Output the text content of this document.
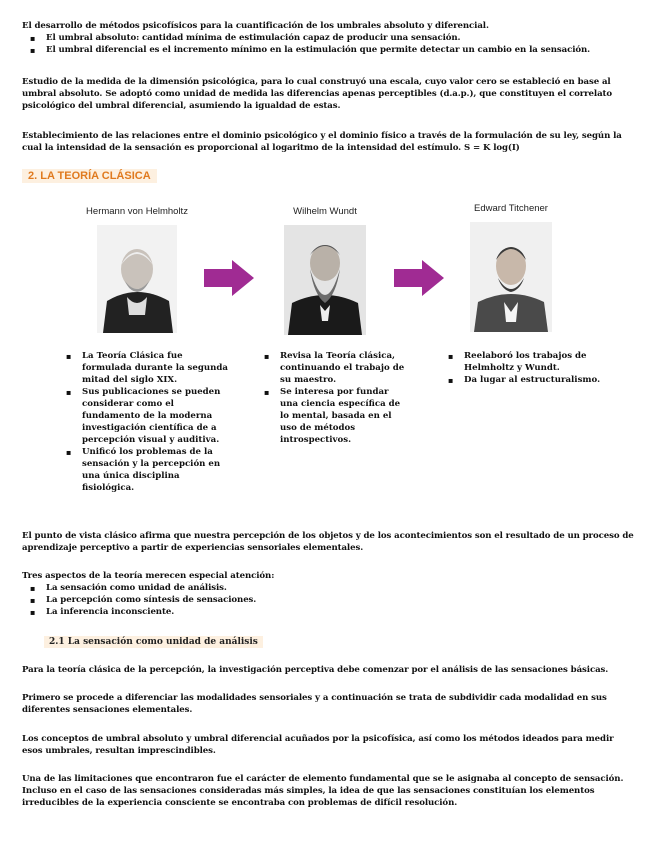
El desarrollo de métodos psicofísicos para la cuantificación de los umbrales absoluto y diferencial.
▪ El umbral absoluto: cantidad mínima de estimulación capaz de producir una sensación.
▪ El umbral diferencial es el incremento mínimo en la estimulación que permite detectar un cambio en la sensación.
Estudio de la medida de la dimensión psicológica, para lo cual construyó una escala, cuyo valor cero se estableció en base al umbral absoluto. Se adoptó como unidad de medida las diferencias apenas perceptibles (d.a.p.), que constituyen el correlato psicológico del umbral diferencial, asumiendo la igualdad de estas.
Establecimiento de las relaciones entre el dominio psicológico y el dominio físico a través de la formulación de su ley, según la cual la intensidad de la sensación es proporcional al logaritmo de la intensidad del estímulo. S = K log(I)
2. LA TEORÍA CLÁSICA
Hermann von Helmholtz	Wilhelm Wundt	Edward Titchener
▪ La Teoría Clásica fue formulada durante la segunda mitad del siglo XIX.
▪ Sus publicaciones se pueden considerar como el fundamento de la moderna investigación científica de a percepción visual y auditiva.
▪ Unificó los problemas de la sensación y la percepción en una única disciplina fisiológica.
▪ Revisa la Teoría clásica, continuando el trabajo de su maestro.
▪ Se interesa por fundar una ciencia específica de lo mental, basada en el uso de métodos introspectivos.
▪ Reelaboró los trabajos de Helmholtz y Wundt.
▪ Da lugar al estructuralismo.
El punto de vista clásico afirma que nuestra percepción de los objetos y de los acontecimientos son el resultado de un proceso de aprendizaje perceptivo a partir de experiencias sensoriales elementales.
Tres aspectos de la teoría merecen especial atención:
▪ La sensación como unidad de análisis.
▪ La percepción como síntesis de sensaciones.
▪ La inferencia inconsciente.
2.1 La sensación como unidad de análisis
Para la teoría clásica de la percepción, la investigación perceptiva debe comenzar por el análisis de las sensaciones básicas.
Primero se procede a diferenciar las modalidades sensoriales y a continuación se trata de subdividir cada modalidad en sus diferentes sensaciones elementales.
Los conceptos de umbral absoluto y umbral diferencial acuñados por la psicofísica, así como los métodos ideados para medir esos umbrales, resultan imprescindibles.
Una de las limitaciones que encontraron fue el carácter de elemento fundamental que se le asignaba al concepto de sensación. Incluso en el caso de las sensaciones consideradas más simples, la idea de que las sensaciones constituían los elementos irreducibles de la experiencia consciente se encontraba con problemas de difícil resolución.
